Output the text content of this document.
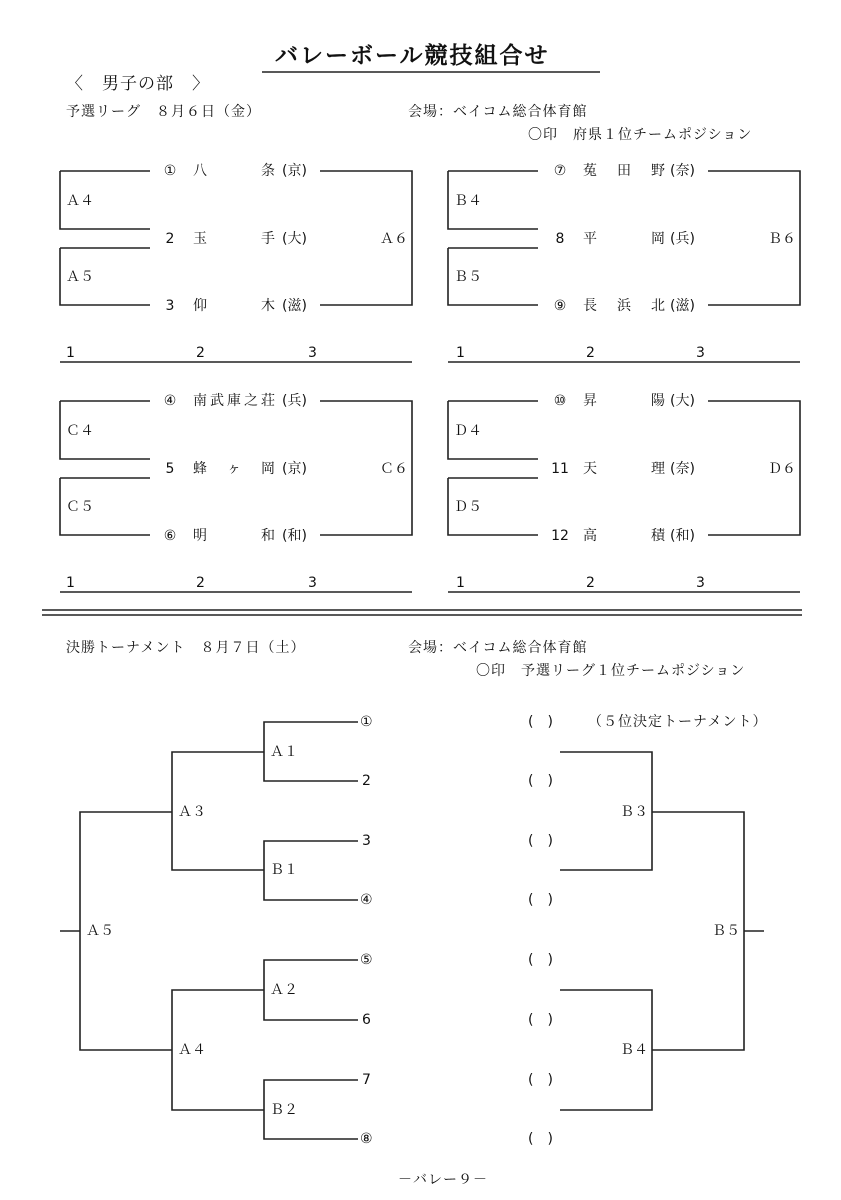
バレーボール競技組合せ
〈　男子の部　〉
予選リーグ　８月６日（金）	会場：ベイコム総合体育館
〇印　府県１位チームポジション
Ａ４
Ａ５
Ａ６
① 八	条 (京)
2	玉	手 (大)
3	仰	木 (滋)
1	2	3
Ｂ４
Ｂ５
Ｂ６
⑦ 菟 田 野 (奈)
8	平	岡 (兵)
⑨ 長 浜 北 (滋)
1	2	3
Ｃ４
Ｃ５
Ｃ６
④ 南 武 庫 之 荘 (兵)
5	蜂 ヶ 岡 (京)
⑥ 明	和 (和)
1	2	3
Ｄ４
Ｄ５
Ｄ６
⑩ 昇	陽 (大)
11 天	理 (奈)
12 高	積 (和)
1	2	3
決勝トーナメント　８月７日（土）	会場：ベイコム総合体育館
〇印　予選リーグ１位チームポジション
①
2
3
④
⑤
6
7
⑧
Ａ１
Ｂ１
Ａ２
Ｂ２
Ａ３
Ａ４
Ａ５
（５位決定トーナメント）
(　)
(　)
(　)
(　)
(　)
(　)
(　)
(　)
Ｂ３
Ｂ４
Ｂ５
－バレー９－
